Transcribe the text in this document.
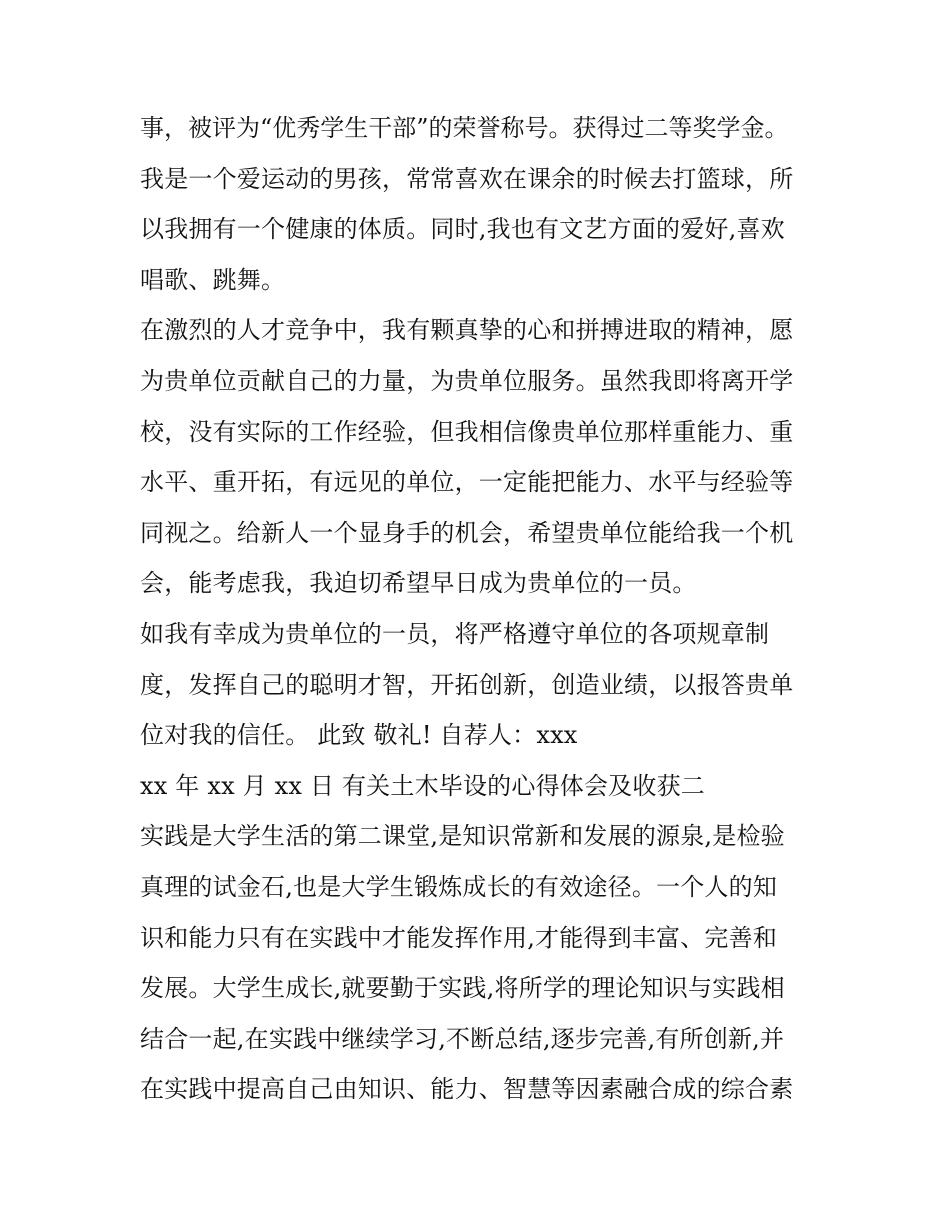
事，被评为“优秀学生干部”的荣誉称号。获得过二等奖学金。
我是一个爱运动的男孩，常常喜欢在课余的时候去打篮球，所
以我拥有一个健康的体质。同时,我也有文艺方面的爱好,喜欢
唱歌、跳舞。
在激烈的人才竞争中，我有颗真挚的心和拼搏进取的精神，愿
为贵单位贡献自己的力量，为贵单位服务。虽然我即将离开学
校，没有实际的工作经验，但我相信像贵单位那样重能力、重
水平、重开拓，有远见的单位，一定能把能力、水平与经验等
同视之。给新人一个显身手的机会，希望贵单位能给我一个机
会，能考虑我，我迫切希望早日成为贵单位的一员。
如我有幸成为贵单位的一员，将严格遵守单位的各项规章制
度，发挥自己的聪明才智，开拓创新，创造业绩，以报答贵单
位对我的信任。 此致 敬礼! 自荐人：xxx
xx 年 xx 月 xx 日 有关土木毕设的心得体会及收获二
实践是大学生活的第二课堂,是知识常新和发展的源泉,是检验
真理的试金石,也是大学生锻炼成长的有效途径。一个人的知
识和能力只有在实践中才能发挥作用,才能得到丰富、完善和
发展。大学生成长,就要勤于实践,将所学的理论知识与实践相
结合一起,在实践中继续学习,不断总结,逐步完善,有所创新,并
在实践中提高自己由知识、能力、智慧等因素融合成的综合素
